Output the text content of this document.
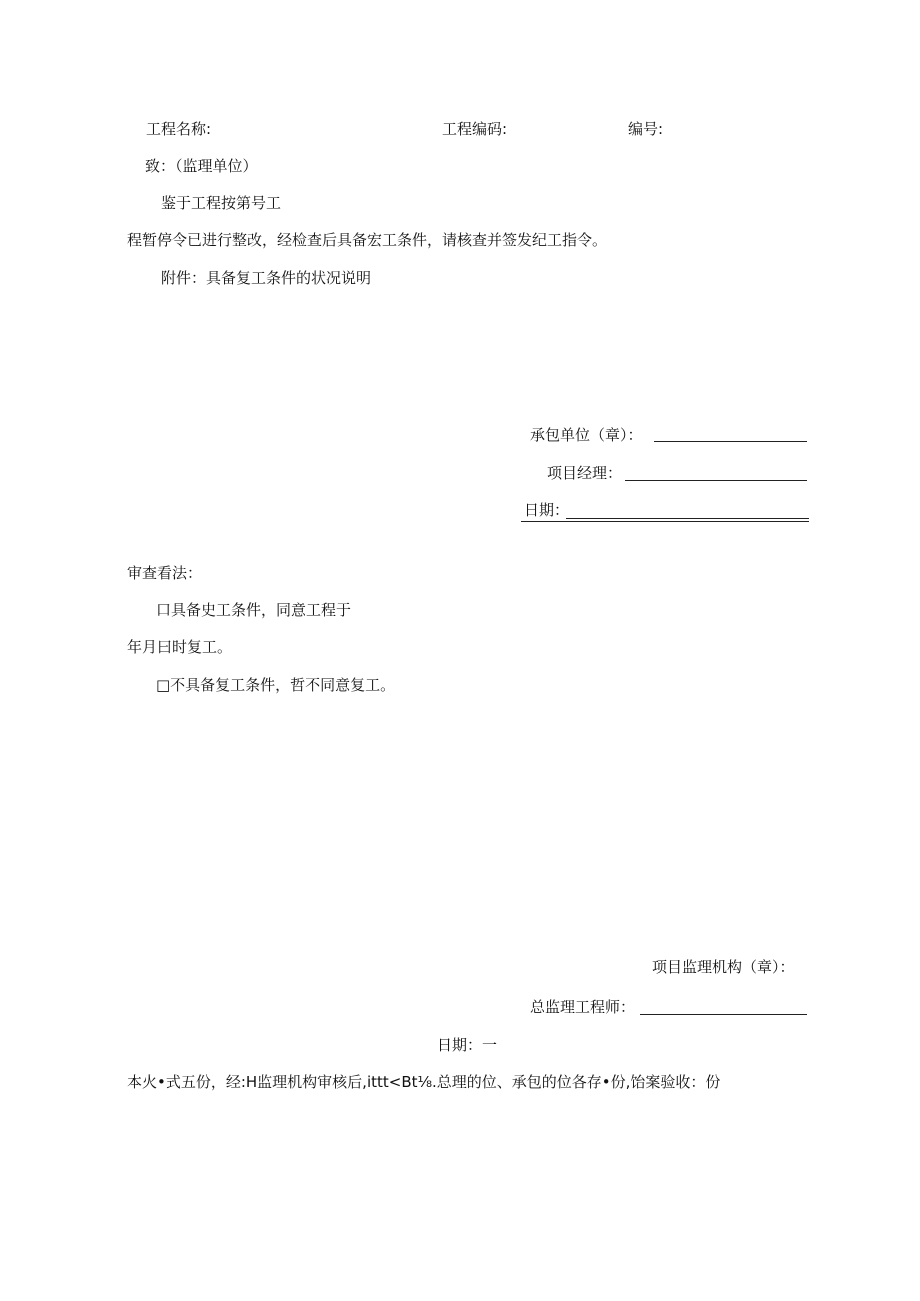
工程名称:	工程编码:	编号:
致：（监理单位）
鉴于工程按第号工
程暂停令已进行整改，经检查后具备宏工条件，请核查并签发纪工指令。
附件：具备复工条件的状况说明
承包单位（章）：
项目经理：
日期：
审查看法：
口具备史工条件，同意工程于
年月曰时复工。
□不具备复工条件，哲不同意复工。
项目监理机构（章）：
总监理工程师：
日期：一
本火•式五份，经:H监理机构审核后,ittt<Bt⅛.总理的位、承包的位各存•份,饴案验收：份
